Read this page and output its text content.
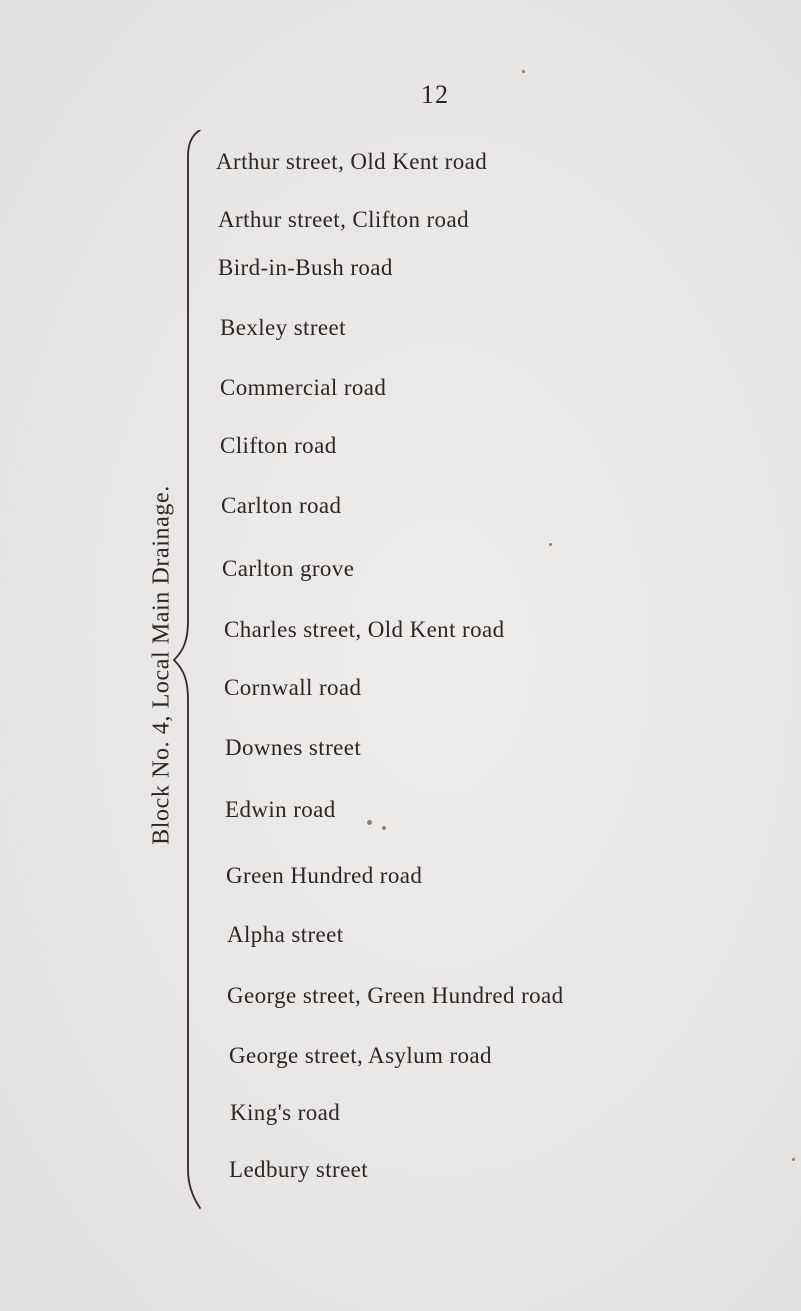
12
Block No. 4, Local Main Drainage.
Arthur street, Old Kent road
Arthur street, Clifton road
Bird-in-Bush road
Bexley street
Commercial road
Clifton road
Carlton road
Carlton grove
Charles street, Old Kent road
Cornwall road
Downes street
Edwin road
Green Hundred road
Alpha street
George street, Green Hundred road
George street, Asylum road
King's road
Ledbury street
